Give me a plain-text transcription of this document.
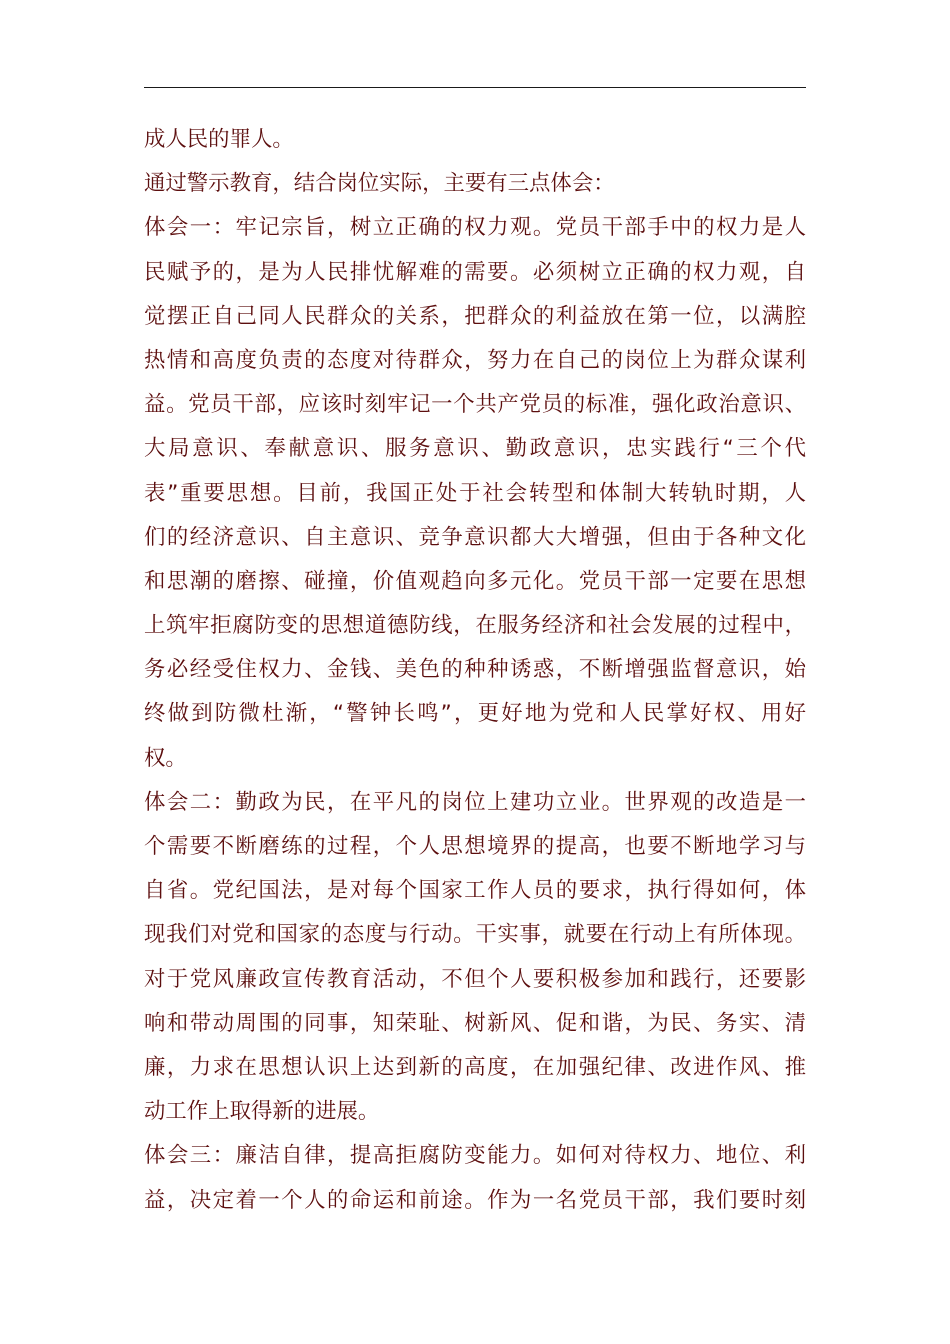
成人民的罪人。
通过警示教育，结合岗位实际，主要有三点体会：
体会一：牢记宗旨，树立正确的权力观。党员干部手中的权力是人
民赋予的，是为人民排忧解难的需要。必须树立正确的权力观，自
觉摆正自己同人民群众的关系，把群众的利益放在第一位，以满腔
热情和高度负责的态度对待群众，努力在自己的岗位上为群众谋利
益。党员干部，应该时刻牢记一个共产党员的标准，强化政治意识、
大局意识、奉献意识、服务意识、勤政意识，忠实践行“三个代
表”重要思想。目前，我国正处于社会转型和体制大转轨时期，人
们的经济意识、自主意识、竞争意识都大大增强，但由于各种文化
和思潮的磨擦、碰撞，价值观趋向多元化。党员干部一定要在思想
上筑牢拒腐防变的思想道德防线，在服务经济和社会发展的过程中，
务必经受住权力、金钱、美色的种种诱惑，不断增强监督意识，始
终做到防微杜渐，“警钟长鸣”，更好地为党和人民掌好权、用好
权。
体会二：勤政为民，在平凡的岗位上建功立业。世界观的改造是一
个需要不断磨练的过程，个人思想境界的提高，也要不断地学习与
自省。党纪国法，是对每个国家工作人员的要求，执行得如何，体
现我们对党和国家的态度与行动。干实事，就要在行动上有所体现。
对于党风廉政宣传教育活动，不但个人要积极参加和践行，还要影
响和带动周围的同事，知荣耻、树新风、促和谐，为民、务实、清
廉，力求在思想认识上达到新的高度，在加强纪律、改进作风、推
动工作上取得新的进展。
体会三：廉洁自律，提高拒腐防变能力。如何对待权力、地位、利
益，决定着一个人的命运和前途。作为一名党员干部，我们要时刻
